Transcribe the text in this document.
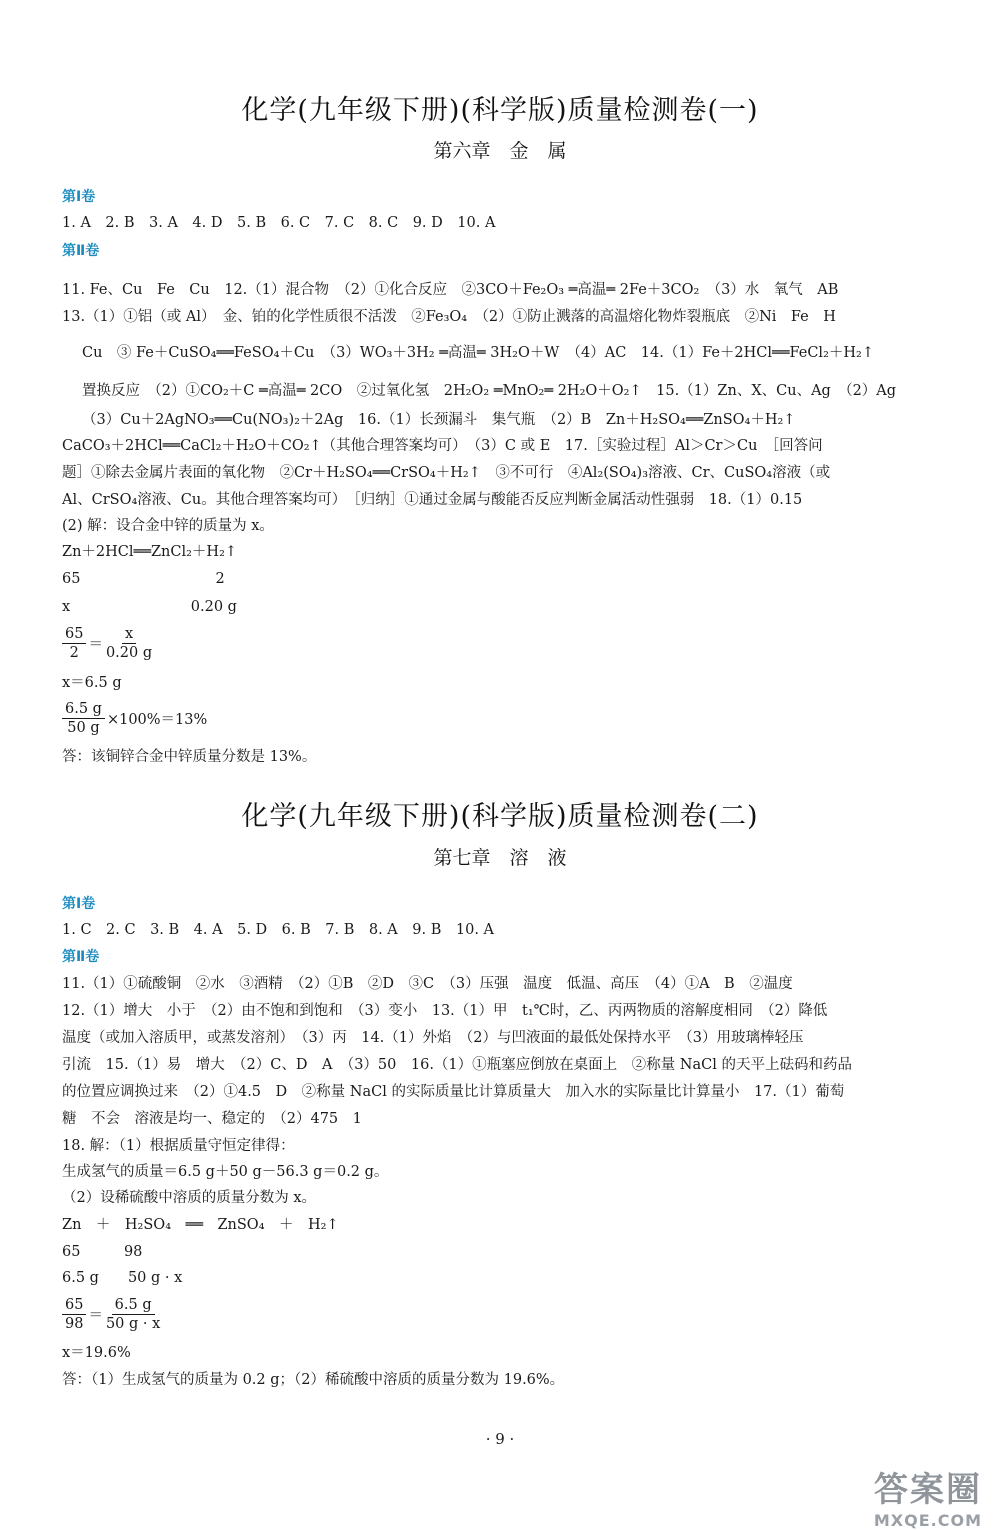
化学(九年级下册)(科学版)质量检测卷(一)
第六章　金　属
第Ⅰ卷
1. A　2. B　3. A　4. D　5. B　6. C　7. C　8. C　9. D　10. A
第Ⅱ卷
11. Fe、Cu　Fe　Cu　12.（1）混合物　（2）①化合反应　②3CO＋Fe₂O₃ ═高温═ 2Fe＋3CO₂　（3）水　氧气　AB
13.（1）①铝（或 Al）　金、铂的化学性质很不活泼　②Fe₃O₄　（2）①防止溅落的高温熔化物炸裂瓶底　②Ni　Fe　H
Cu　③ Fe＋CuSO₄══FeSO₄＋Cu　（3）WO₃＋3H₂ ═高温═ 3H₂O＋W　（4）AC　14.（1）Fe＋2HCl══FeCl₂＋H₂↑
置换反应　（2）①CO₂＋C ═高温═ 2CO　②过氧化氢　2H₂O₂ ═MnO₂═ 2H₂O＋O₂↑　15.（1）Zn、X、Cu、Ag　（2）Ag
（3）Cu＋2AgNO₃══Cu(NO₃)₂＋2Ag　16.（1）长颈漏斗　集气瓶　（2）B　Zn＋H₂SO₄══ZnSO₄＋H₂↑
CaCO₃＋2HCl══CaCl₂＋H₂O＋CO₂↑（其他合理答案均可）　（3）C 或 E　17.［实验过程］Al＞Cr＞Cu　［回答问
题］①除去金属片表面的氧化物　②Cr＋H₂SO₄══CrSO₄＋H₂↑　③不可行　④Al₂(SO₄)₃溶液、Cr、CuSO₄溶液（或
Al、CrSO₄溶液、Cu。其他合理答案均可）　［归纳］①通过金属与酸能否反应判断金属活动性强弱　18.（1）0.15
(2) 解：设合金中锌的质量为 x。
Zn＋2HCl══ZnCl₂＋H₂↑
65　　　　　　　　　 2
x　　　　　　　　 0.20 g
65
2 ＝
x
0.20 g
x＝6.5 g
$\frac{6.5 g}{50 g} \times 100\%=13\%$
答：该铜锌合金中锌质量分数是 13%。
化学(九年级下册)(科学版)质量检测卷(二)
第七章　溶　液
第Ⅰ卷
1. C　2. C　3. B　4. A　5. D　6. B　7. B　8. A　9. B　10. A
第Ⅱ卷
11.（1）①硫酸铜　②水　③酒精　（2）①B　②D　③C　（3）压强　温度　低温、高压　（4）①A　B　②温度
12.（1）增大　小于　（2）由不饱和到饱和　（3）变小　13.（1）甲　t₁℃时，乙、丙两物质的溶解度相同　（2）降低
温度（或加入溶质甲，或蒸发溶剂）　（3）丙　14.（1）外焰　（2）与凹液面的最低处保持水平　（3）用玻璃棒轻压
引流　15.（1）易　增大　（2）C、D　A　（3）50　16.（1）①瓶塞应倒放在桌面上　②称量 NaCl 的天平上砝码和药品
的位置应调换过来　（2）①4.5　D　②称量 NaCl 的实际质量比计算质量大　加入水的实际量比计算量小　17.（1）葡萄
糖　不会　溶液是均一、稳定的　（2）475　1
18. 解：（1）根据质量守恒定律得：
生成氢气的质量＝6.5 g＋50 g－56.3 g＝0.2 g。
（2）设稀硫酸中溶质的质量分数为 x。
Zn　＋　H₂SO₄　══　ZnSO₄　＋　H₂↑
65　　　98
6.5 g　　50 g · x
65
98 ＝
6.5 g
50 g · x
x＝19.6%
答：（1）生成氢气的质量为 0.2 g；（2）稀硫酸中溶质的质量分数为 19.6%。
· 9 ·
答案圈
MXQE.COM
